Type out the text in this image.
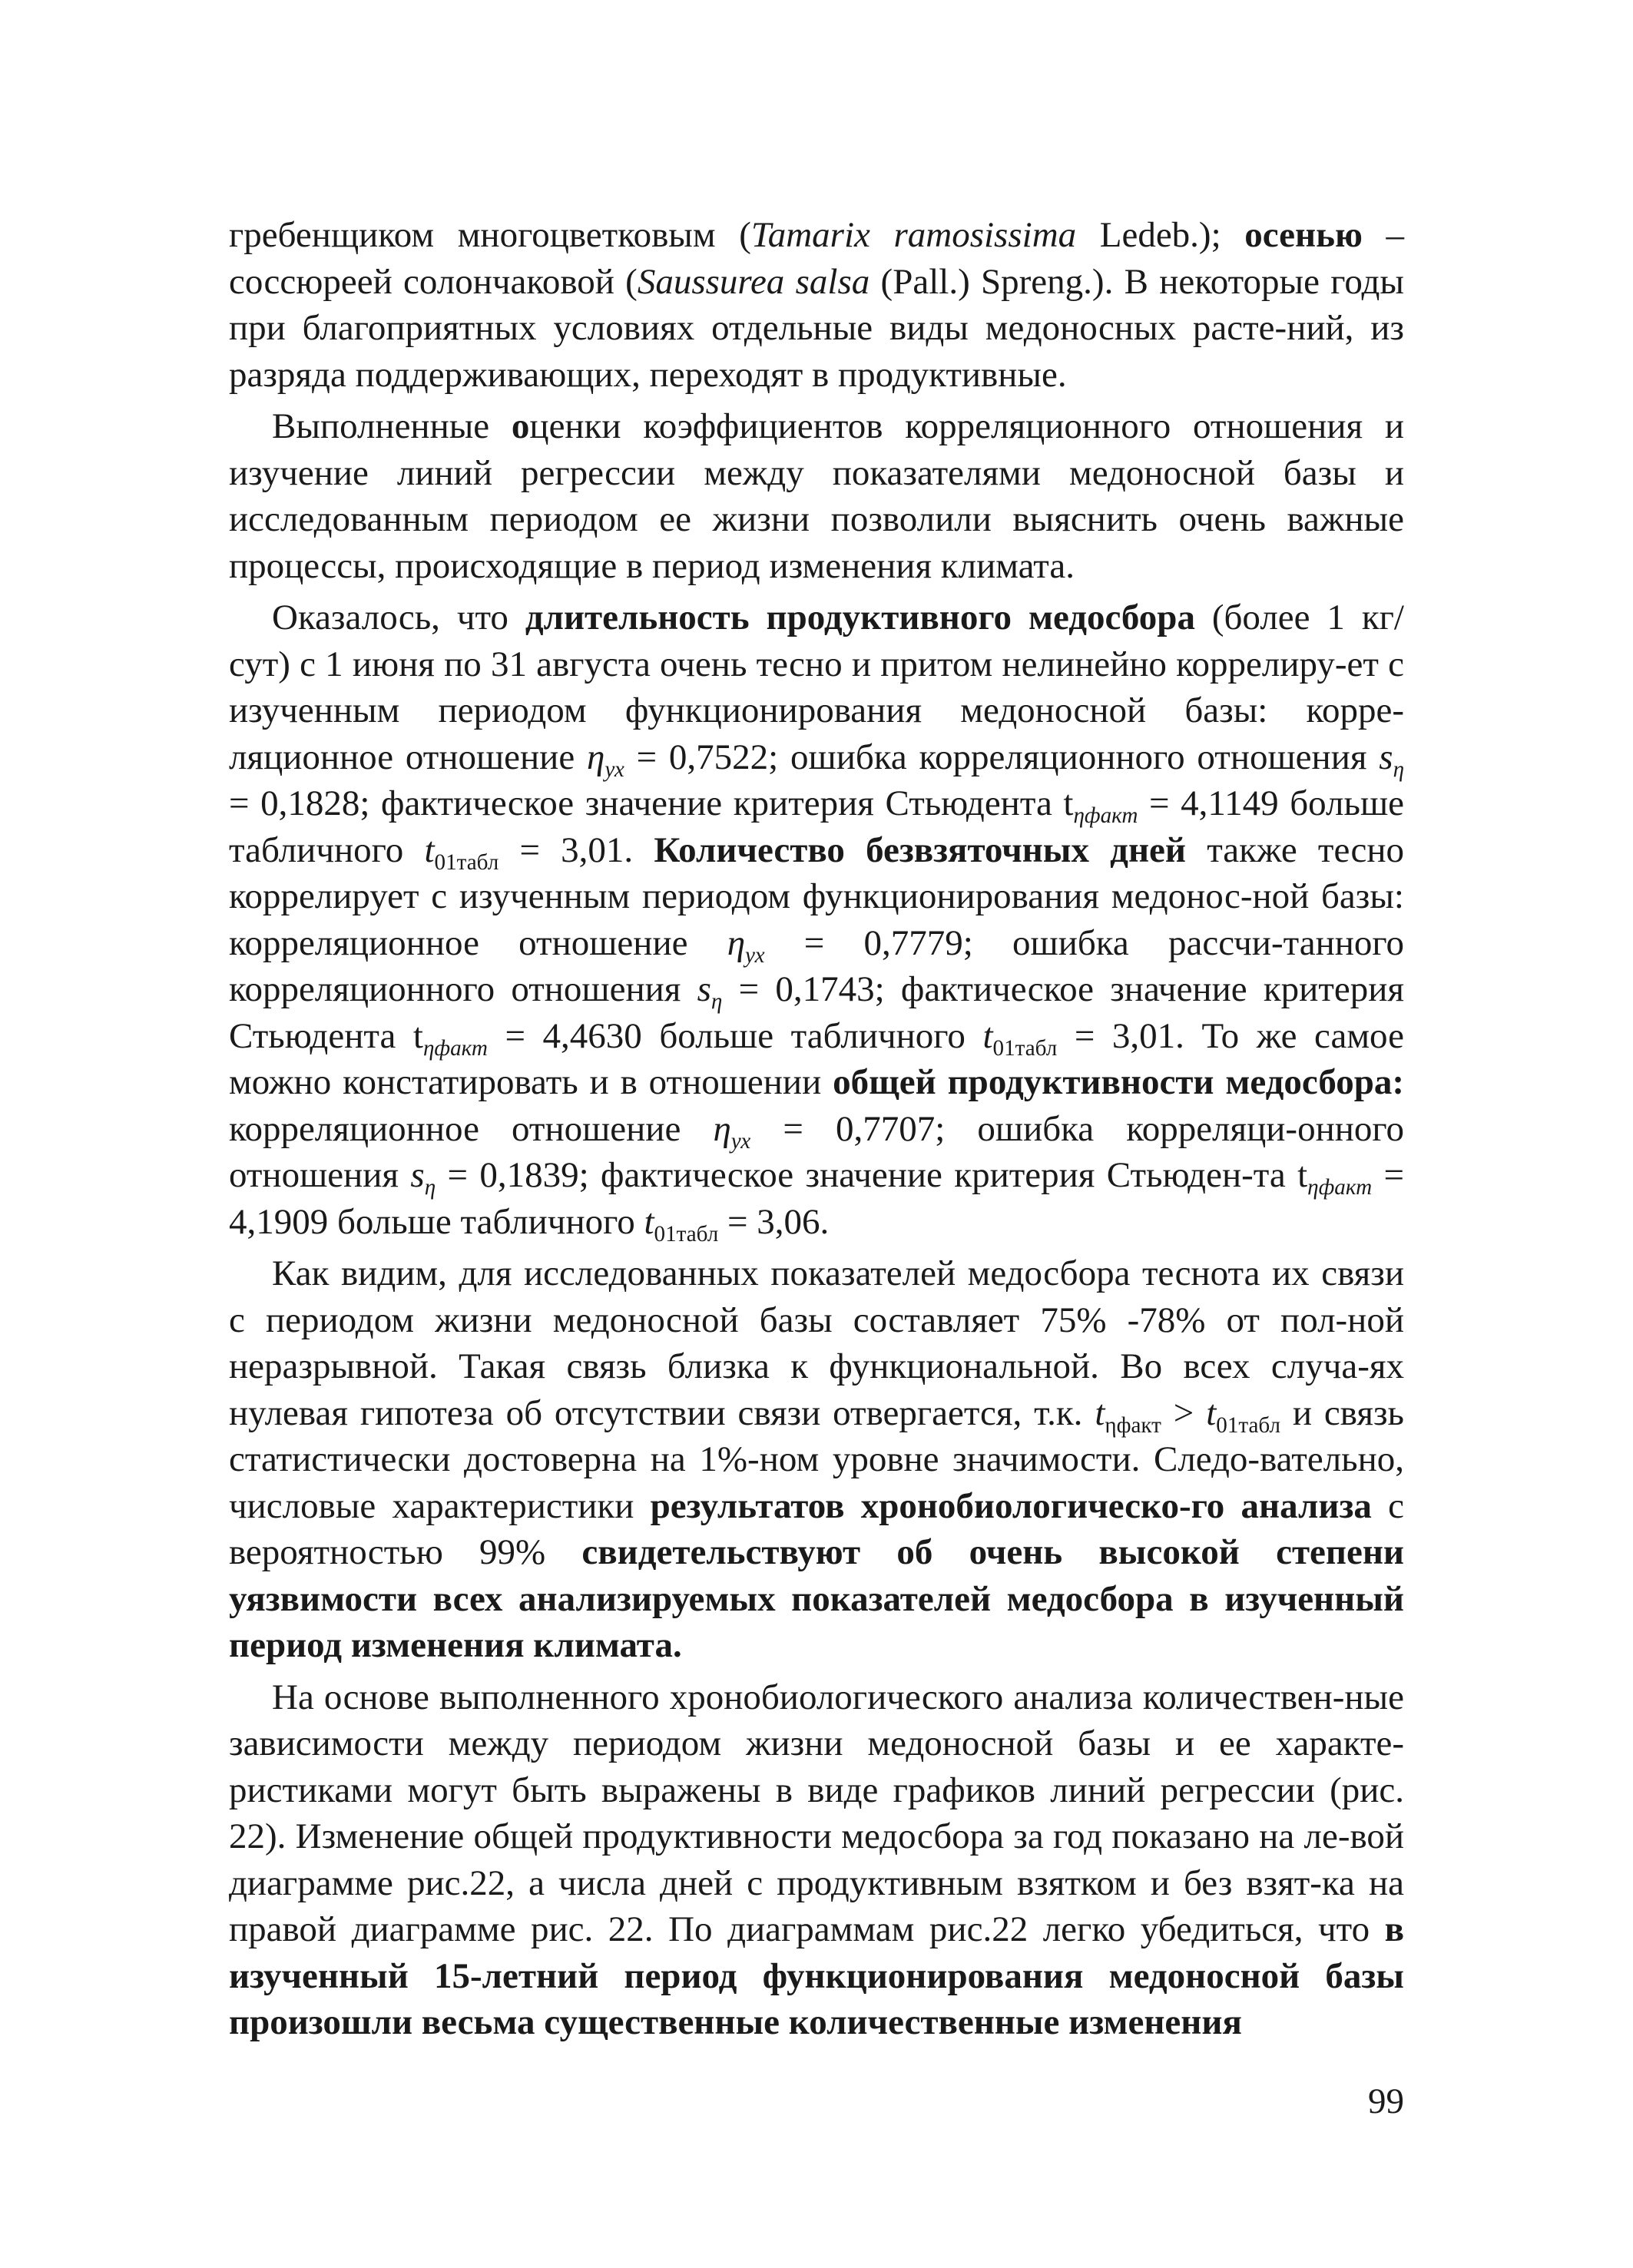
гребенщиком многоцветковым (Tamarix ramosissima Ledeb.); осенью – соссюреей солончаковой (Saussurea salsa (Pall.) Spreng.). В некоторые годы при благоприятных условиях отдельные виды медоносных расте-ний, из разряда поддерживающих, переходят в продуктивные.

Выполненные оценки коэффициентов корреляционного отношения и изучение линий регрессии между показателями медоносной базы и исследованным периодом ее жизни позволили выяснить очень важные процессы, происходящие в период изменения климата.

Оказалось, что длительность продуктивного медосбора (более 1 кг/сут) с 1 июня по 31 августа очень тесно и притом нелинейно коррелиру-ет с изученным периодом функционирования медоносной базы: корре-ляционное отношение $\eta_{ух} = 0,7522$; ошибка корреляционного отношения $s_\eta = 0,1828$; фактическое значение критерия Стьюдента $t_{\eta факт} = 4,1149$ больше табличного $t_{01табл} = 3,01$. Количество безвзяточных дней также тесно коррелирует с изученным периодом функционирования медонос-ной базы: корреляционное отношение $\eta_{ух} = 0,7779$; ошибка рассчи-танного корреляционного отношения $s_\eta = 0,1743$; фактическое значение критерия Стьюдента $t_{\eta факт} = 4,4630$ больше табличного $t_{01табл} = 3,01$. То же самое можно констатировать и в отношении общей продуктивности медосбора: корреляционное отношение $\eta_{ух} = 0,7707$; ошибка корреляци-онного отношения $s_\eta = 0,1839$; фактическое значение критерия Стьюден-та $t_{\eta факт} = 4,1909$ больше табличного $t_{01табл} = 3,06$.

Как видим, для исследованных показателей медосбора теснота их связи с периодом жизни медоносной базы составляет 75% -78% от пол-ной неразрывной. Такая связь близка к функциональной. Во всех случа-ях нулевая гипотеза об отсутствии связи отвергается, т.к. $t_{\eta факт} > t_{01табл}$ и связь статистически достоверна на 1%-ном уровне значимости. Следо-вательно, числовые характеристики результатов хронобиологическо-го анализа с вероятностью 99% свидетельствуют об очень высокой степени уязвимости всех анализируемых показателей медосбора в изученный период изменения климата.

На основе выполненного хронобиологического анализа количествен-ные зависимости между периодом жизни медоносной базы и ее характе-ристиками могут быть выражены в виде графиков линий регрессии (рис. 22). Изменение общей продуктивности медосбора за год показано на ле-вой диаграмме рис.22, а числа дней с продуктивным взятком и без взят-ка на правой диаграмме рис. 22. По диаграммам рис.22 легко убедиться, что в изученный 15-летний период функционирования медоносной базы произошли весьма существенные количественные изменения

99
